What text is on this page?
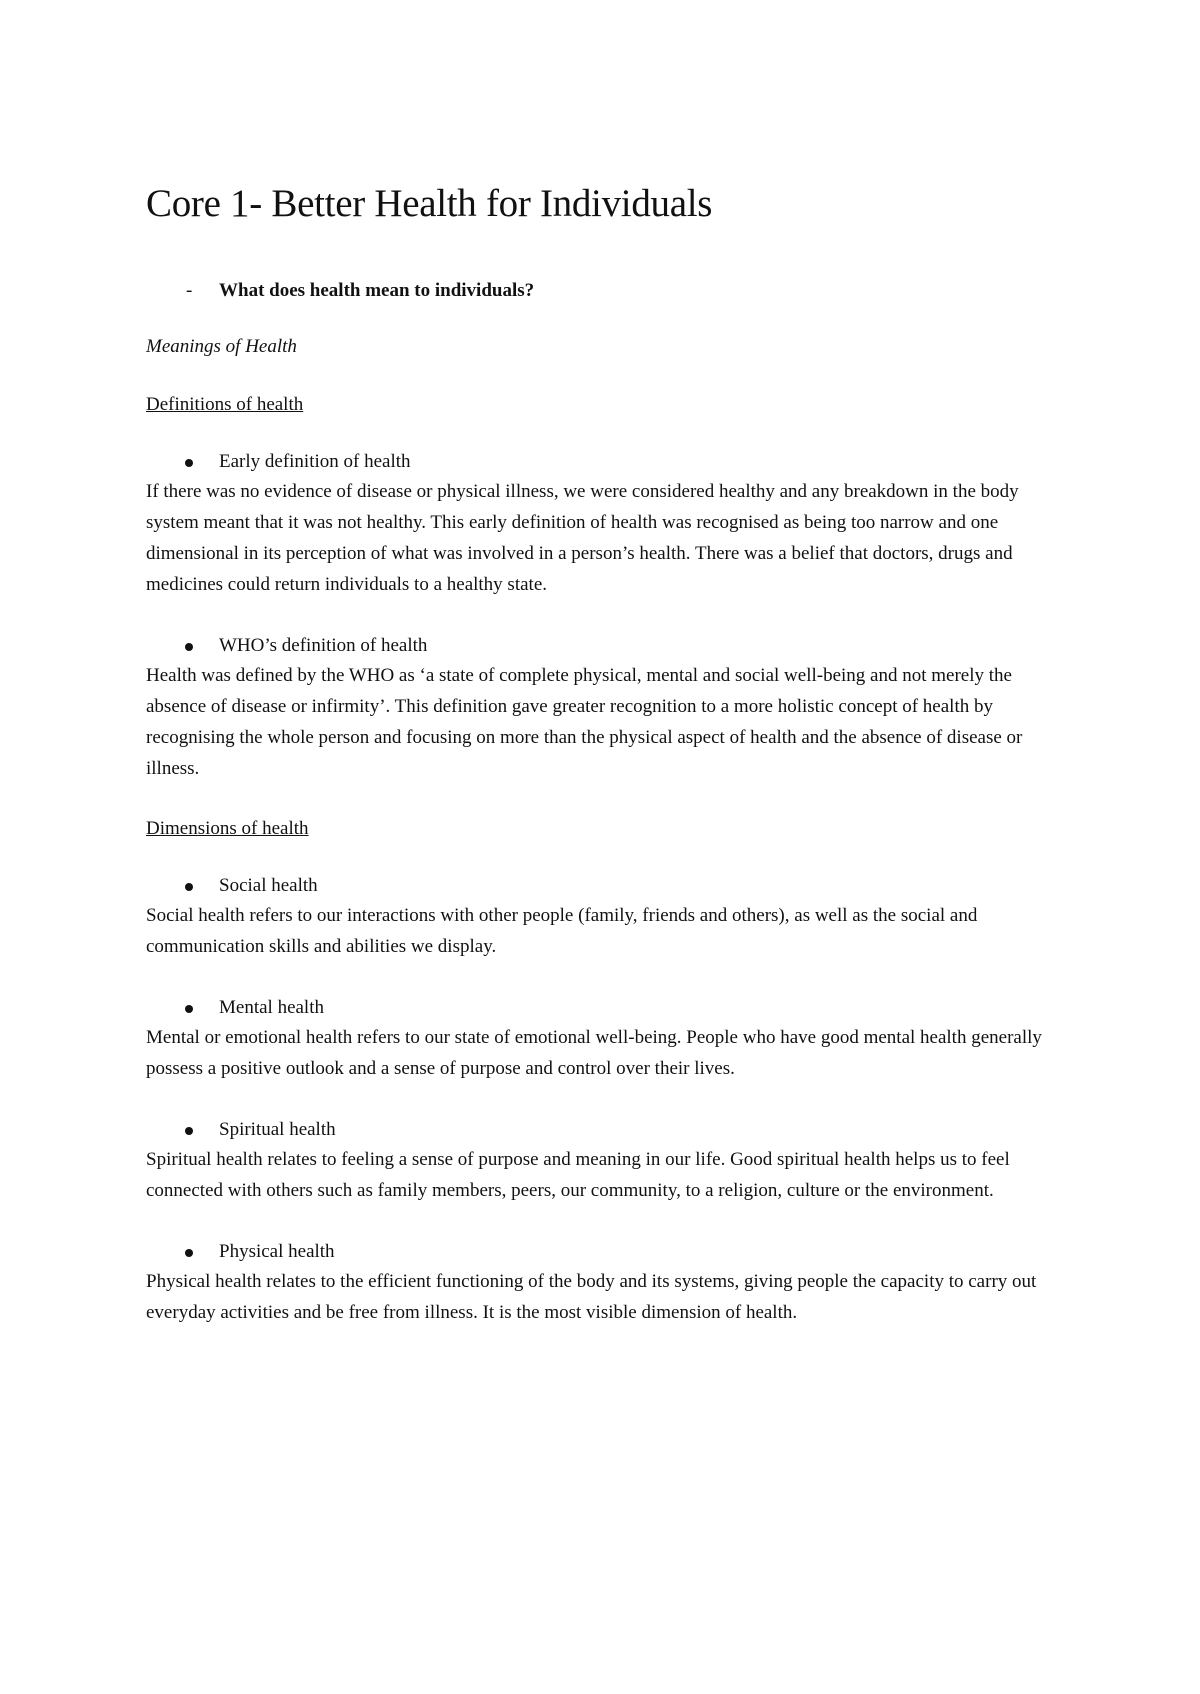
Core 1- Better Health for Individuals
- What does health mean to individuals?
Meanings of Health
Definitions of health

Early definition of health

If there was no evidence of disease or physical illness, we were considered healthy and any breakdown in the body system meant that it was not healthy. This early definition of health was recognised as being too narrow and one dimensional in its perception of what was involved in a person’s health. There was a belief that doctors, drugs and medicines could return individuals to a healthy state.

WHO’s definition of health

Health was defined by the WHO as ‘a state of complete physical, mental and social well-being and not merely the absence of disease or infirmity’. This definition gave greater recognition to a more holistic concept of health by recognising the whole person and focusing on more than the physical aspect of health and the absence of disease or illness.

Dimensions of health

Social health

Social health refers to our interactions with other people (family, friends and others), as well as the social and communication skills and abilities we display.

Mental health

Mental or emotional health refers to our state of emotional well-being. People who have good mental health generally possess a positive outlook and a sense of purpose and control over their lives.

Spiritual health

Spiritual health relates to feeling a sense of purpose and meaning in our life. Good spiritual health helps us to feel connected with others such as family members, peers, our community, to a religion, culture or the environment.

Physical health

Physical health relates to the efficient functioning of the body and its systems, giving people the capacity to carry out everyday activities and be free from illness. It is the most visible dimension of health.
